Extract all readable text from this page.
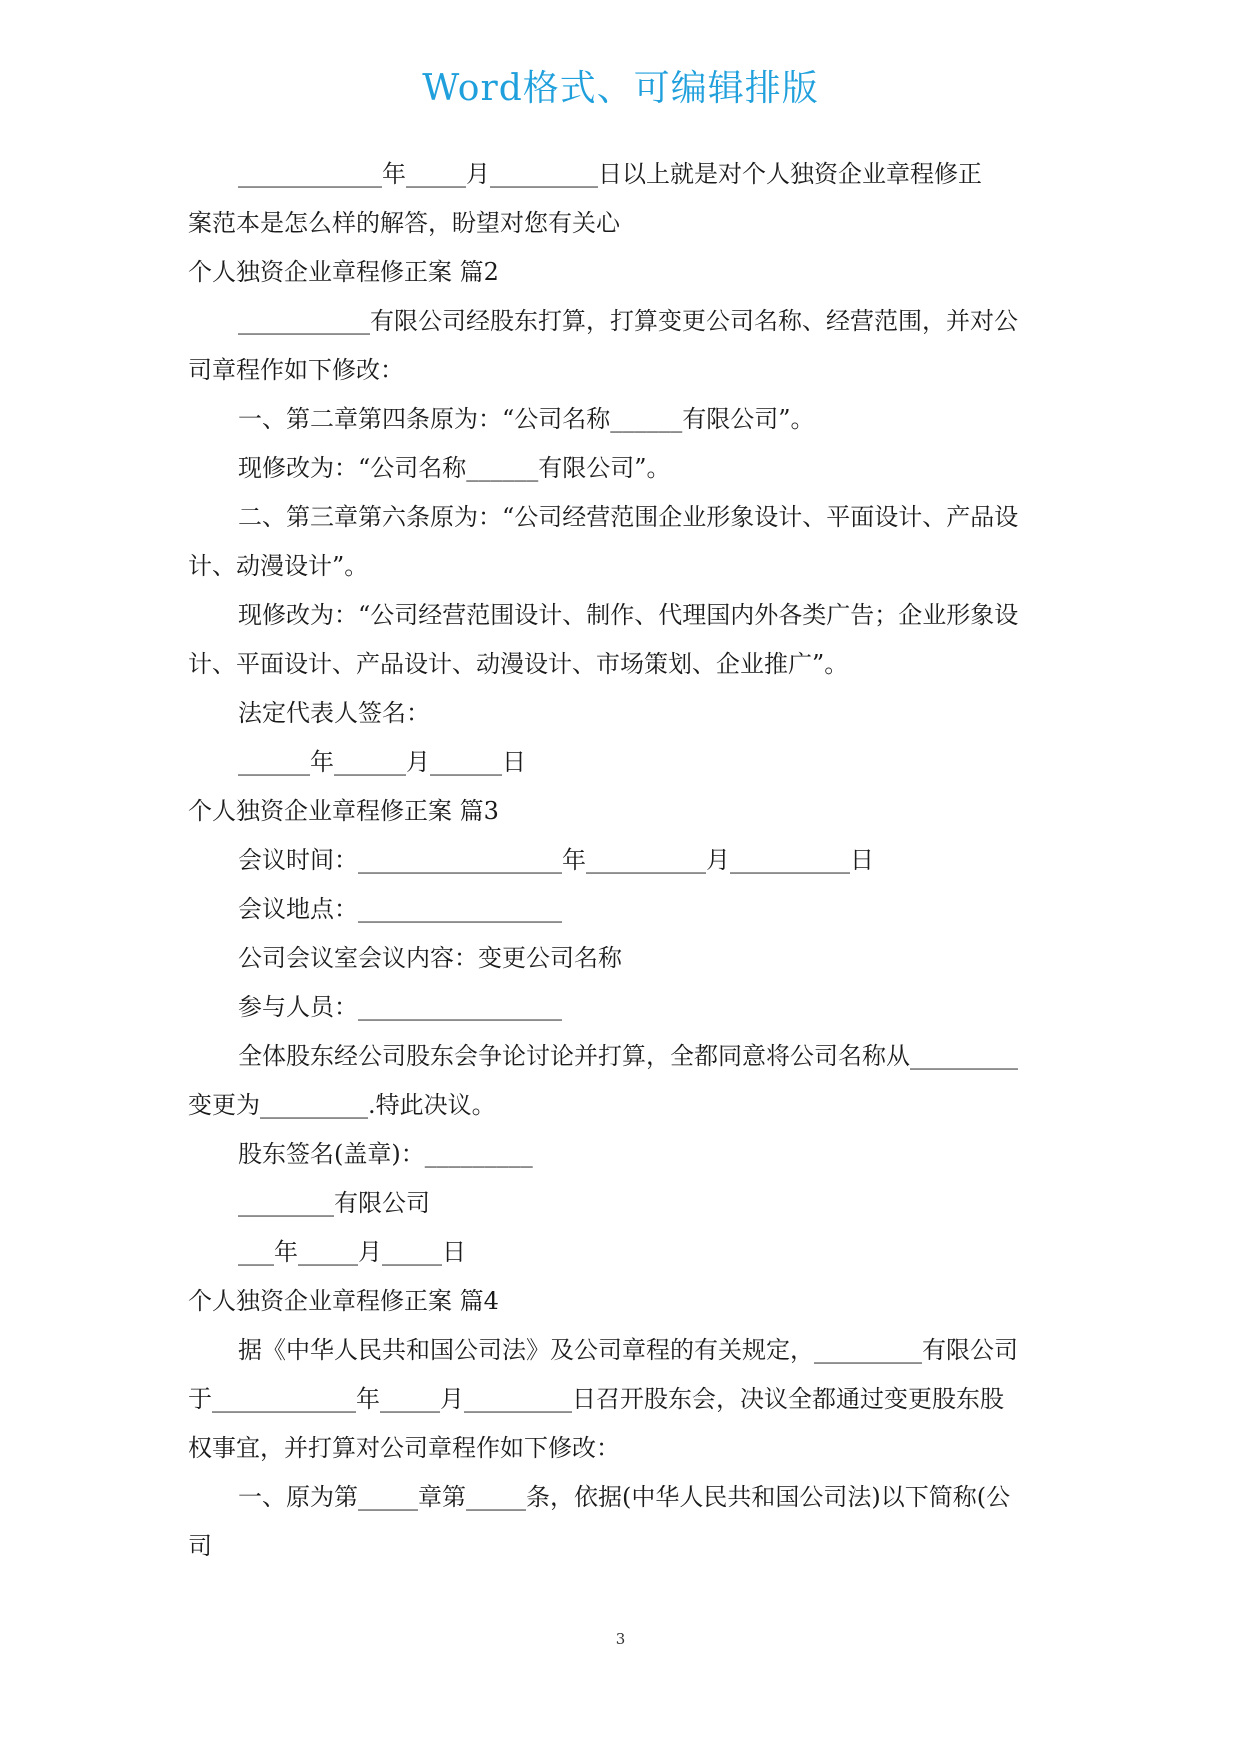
Word格式、可编辑排版
____________年_____月_________日以上就是对个人独资企业章程修正
案范本是怎么样的解答，盼望对您有关心
个人独资企业章程修正案 篇2
___________有限公司经股东打算，打算变更公司名称、经营范围，并对公
司章程作如下修改：
一、第二章第四条原为：“公司名称______有限公司”。
现修改为：“公司名称______有限公司”。
二、第三章第六条原为：“公司经营范围企业形象设计、平面设计、产品设
计、动漫设计”。
现修改为：“公司经营范围设计、制作、代理国内外各类广告；企业形象设
计、平面设计、产品设计、动漫设计、市场策划、企业推广”。
法定代表人签名：
______年______月______日
个人独资企业章程修正案 篇3
会议时间：_________________年__________月__________日
会议地点：_________________
公司会议室会议内容：变更公司名称
参与人员：_________________
全体股东经公司股东会争论讨论并打算，全都同意将公司名称从_________
变更为_________.特此决议。
股东签名(盖章)：_________
________有限公司
___年_____月_____日
个人独资企业章程修正案 篇4
据《中华人民共和国公司法》及公司章程的有关规定，_________有限公司
于____________年_____月_________日召开股东会，决议全都通过变更股东股
权事宜，并打算对公司章程作如下修改：
一、原为第_____章第_____条，依据(中华人民共和国公司法)以下简称(公
司
3
